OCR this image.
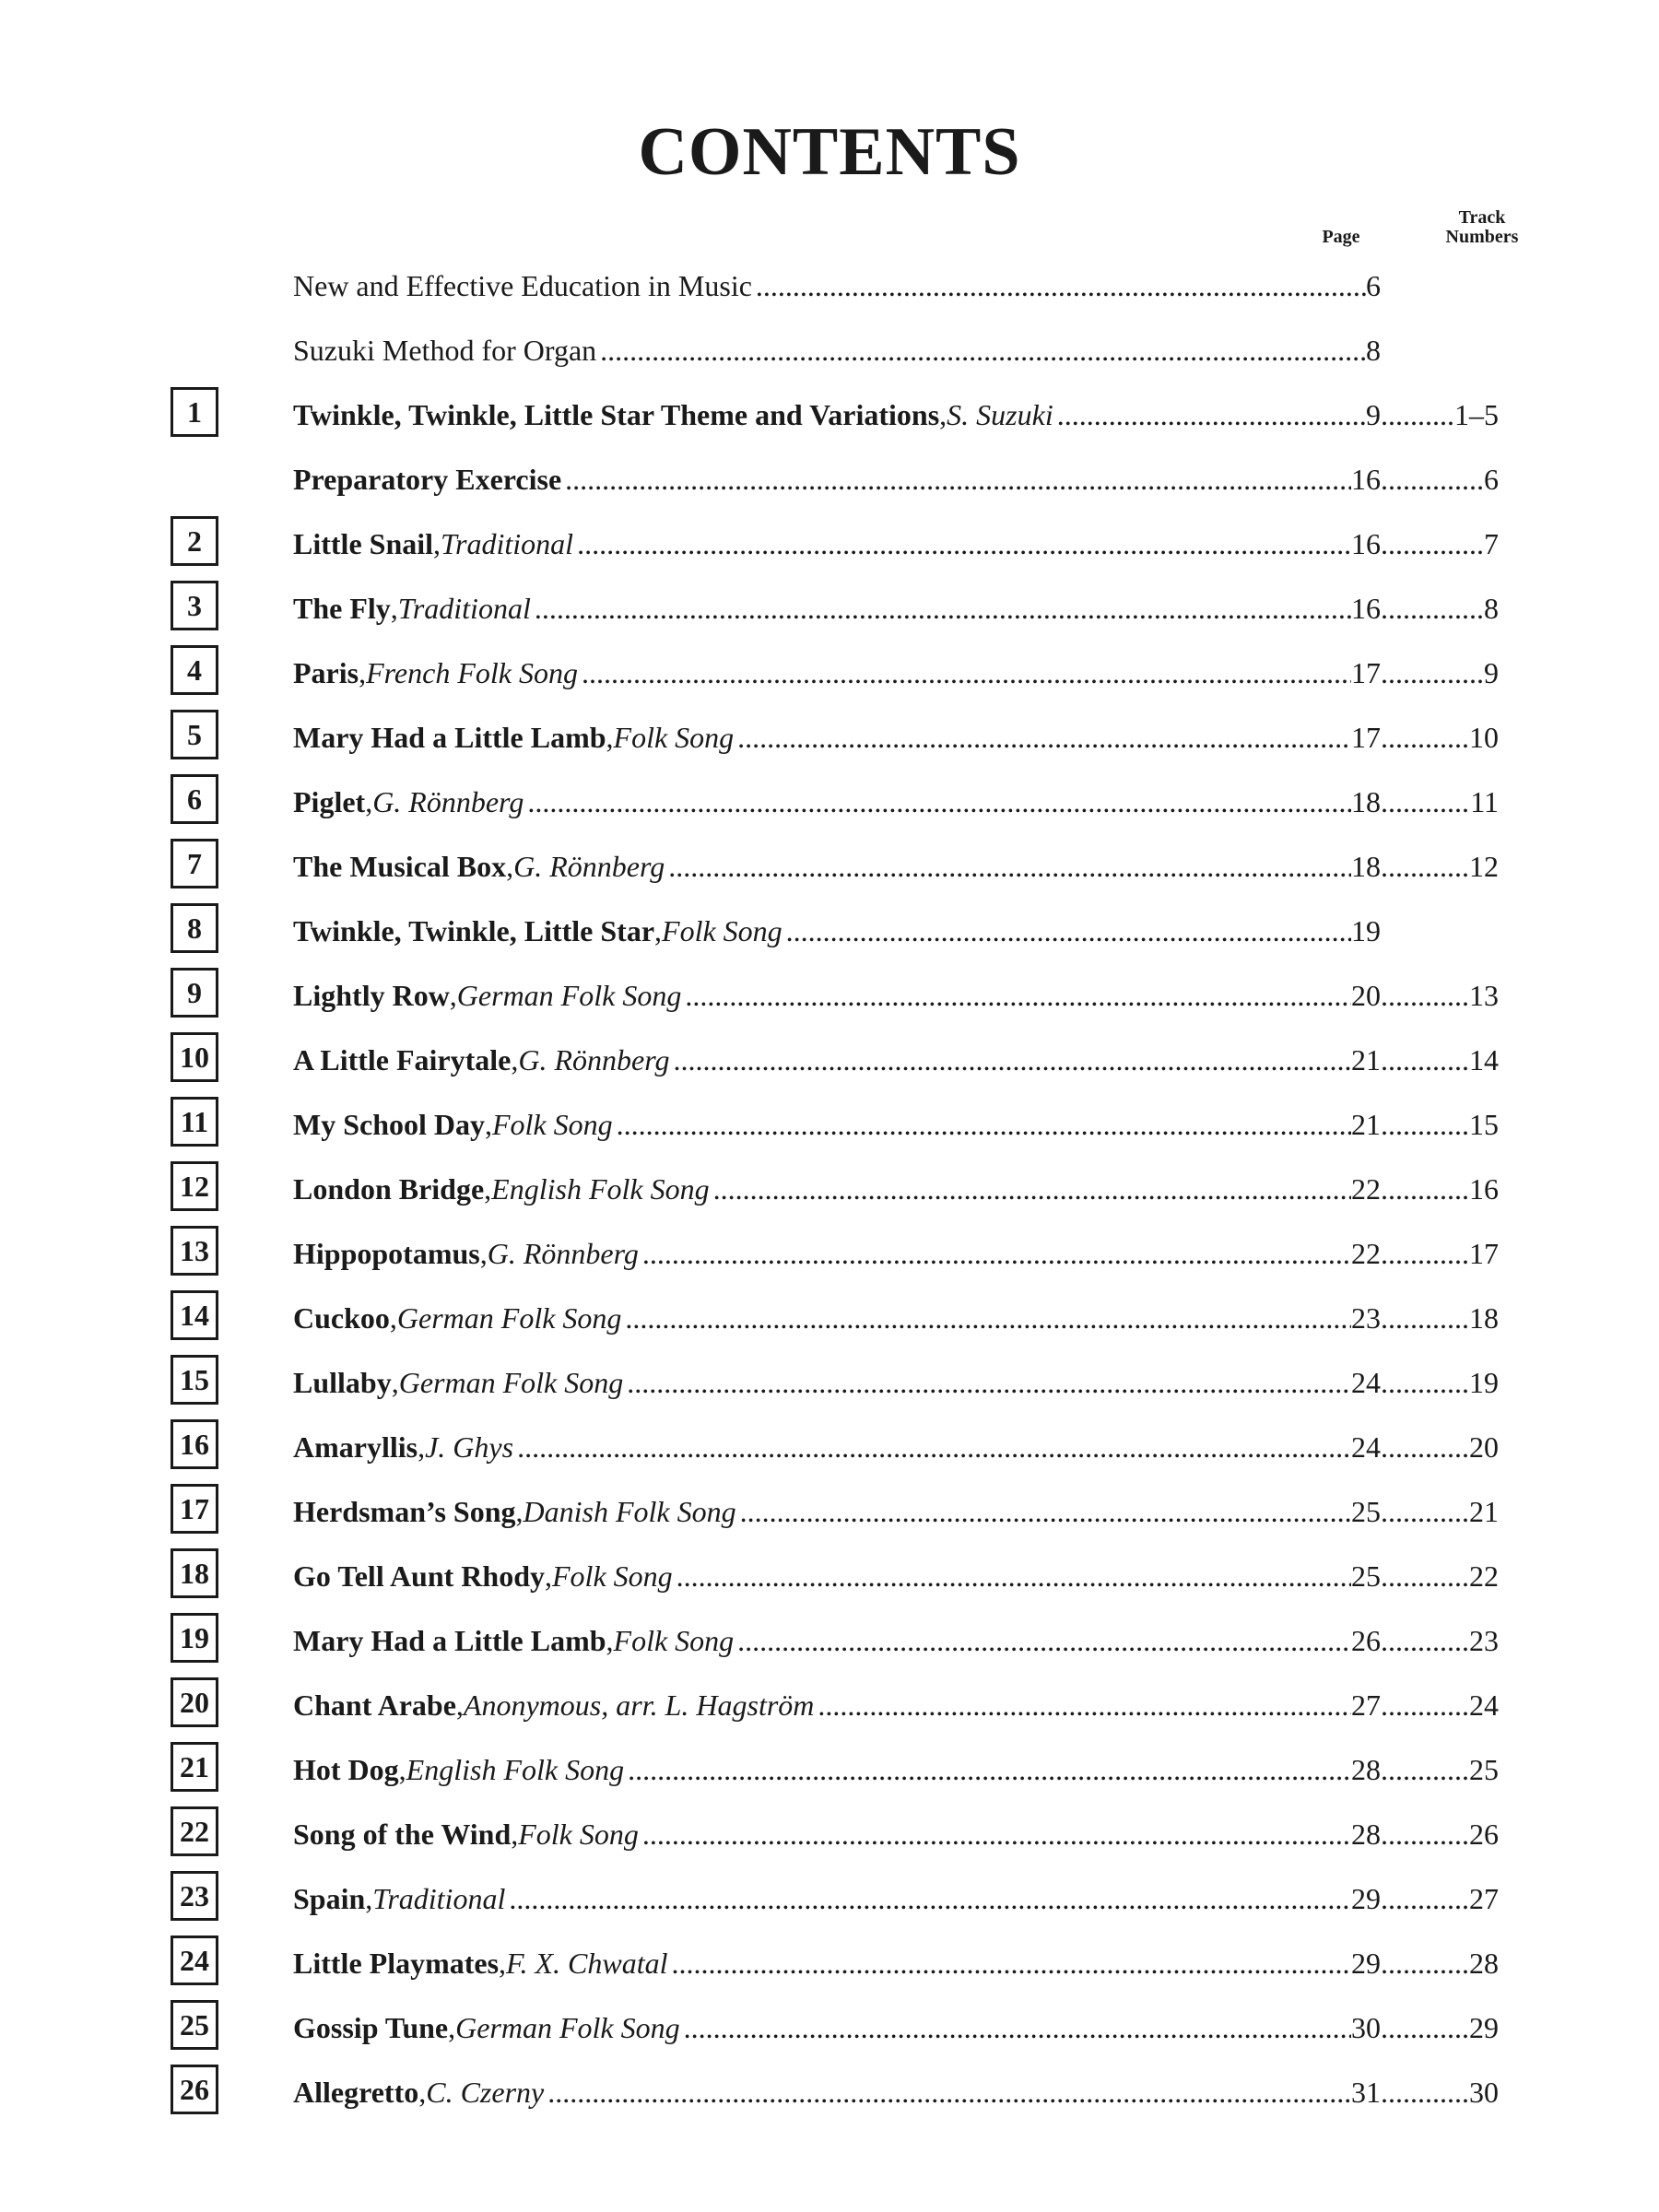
CONTENTS
Page
Track Numbers
New and Effective Education in Music .....	6
Suzuki Method for Organ .....	8
1	Twinkle, Twinkle, Little Star Theme and Variations , S. Suzuki .....	9 .....	1–5
Preparatory Exercise .....	16 .....	6
2	Little Snail , Traditional .....	16 .....	7
3	The Fly , Traditional .....	16 .....	8
4	Paris , French Folk Song .....	17 .....	9
5	Mary Had a Little Lamb , Folk Song .....	17 .....	10
6	Piglet , G. Rönnberg .....	18 .....	11
7	The Musical Box , G. Rönnberg .....	18 .....	12
8	Twinkle, Twinkle, Little Star , Folk Song .....	19
9	Lightly Row , German Folk Song .....	20 .....	13
10	A Little Fairytale , G. Rönnberg .....	21 .....	14
11	My School Day , Folk Song .....	21 .....	15
12	London Bridge , English Folk Song .....	22 .....	16
13	Hippopotamus , G. Rönnberg .....	22 .....	17
14	Cuckoo , German Folk Song .....	23 .....	18
15	Lullaby , German Folk Song .....	24 .....	19
16	Amaryllis , J. Ghys .....	24 .....	20
17	Herdsman’s Song , Danish Folk Song .....	25 .....	21
18	Go Tell Aunt Rhody , Folk Song .....	25 .....	22
19	Mary Had a Little Lamb , Folk Song .....	26 .....	23
20	Chant Arabe , Anonymous, arr. L. Hagström .....	27 .....	24
21	Hot Dog , English Folk Song .....	28 .....	25
22	Song of the Wind , Folk Song .....	28 .....	26
23	Spain , Traditional .....	29 .....	27
24	Little Playmates , F. X. Chwatal .....	29 .....	28
25	Gossip Tune , German Folk Song .....	30 .....	29
26	Allegretto , C. Czerny .....	31 .....	30
